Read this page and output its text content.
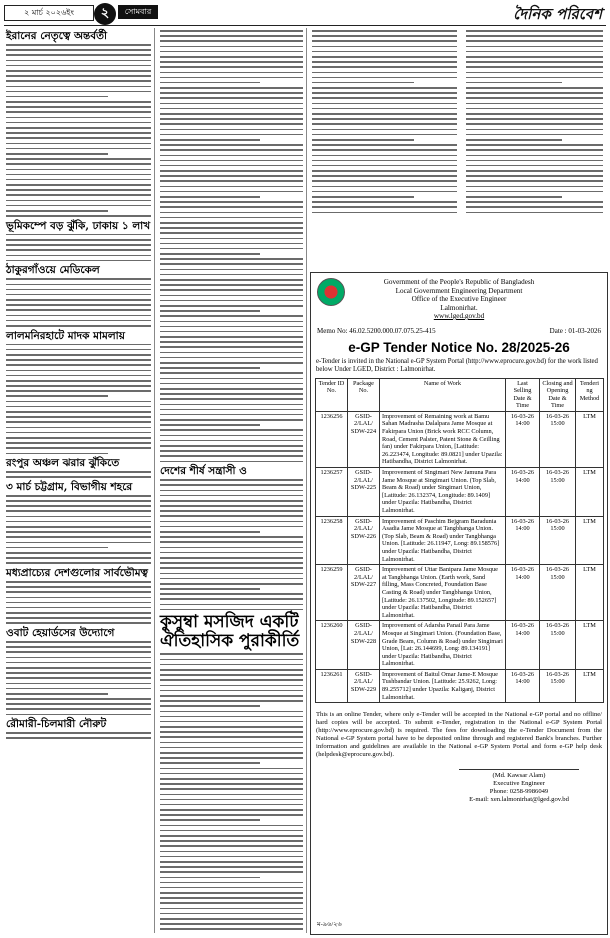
২ মার্চ ২০২৬ইং	২	সোমবার	দৈনিক পরিবেশ
ইরানের নেতৃত্বে অন্তর্বর্তী
ভূমিকম্পে বড় ঝুঁকি, ঢাকায় ১ লাখ
ঠাকুরগাঁওয়ে মেডিকেল
লালমনিরহাটে মাদক মামলায়
রংপুর অঞ্চল ঝরার ঝুঁকিতে
৩ মার্চ চট্টগ্রাম, বিভাগীয় শহরে
মধ্যপ্রাচ্যের দেশগুলোর সার্বভৌমত্ব
ওবাট হেয়ার্ডসের উদ্যোগে
রৌমারী-চিলমারী নৌরুট
দেশের শীর্ষ সন্ত্রাসী ও
কুসুম্বা মসজিদ একটি ঐতিহাসিক পুরাকীর্তি
Government of the People's Republic of Bangladesh
Local Government Engineering Department
Office of the Executive Engineer
Lalmonirhat.
www.lged.gov.bd
Memo No: 46.02.5200.000.07.075.25-415	Date : 01-03-2026
e-GP Tender Notice No. 28/2025-26
e-Tender is invited in the National e-GP System Portal (http://www.eprocure.gov.bd) for the work listed below Under LGED, District : Lalmonirhat.
Tender ID No.	Package No.	Name of Work	Last Selling Date & Time	Closing and Opening Date & Time	Tenderi ng Method
1236256	GSID-2/LAL/ SDW-224	Improvement of Remaining work at Bamu Sahan Madrasha Dalalpara Jame Mosque at Fakirpara Union (Brick work RCC Column, Road, Cement Palster, Patent Stone & Ceilling fan) under Fakirpara Union, [Latitude: 26.223474, Longitude: 89.0821] under Upazila: Hatibandha, District Lalmonirhat.	16-03-26 14:00	16-03-26 15:00	LTM
1236257	GSID-2/LAL/ SDW-225	Improvement of Singimari New Jamuna Para Jame Mosque at Singimari Union. (Top Slab, Beam & Road) under Singimari Union, [Latitude: 26.132374, Longitude: 89.1409] under Upazila: Hatibandha, District Lalmonirhat.	16-03-26 14:00	16-03-26 15:00	LTM
1236258	GSID-2/LAL/ SDW-226	Improvement of Paschim Bejgram Baradunia Asadia Jame Mosque at Tangbhanga Union. (Top Slab, Beam & Road) under Tangbhanga Union. [Latitude: 26.11947, Long: 89.158576] under Upazila: Hatibandha, District Lalmonirhat.	16-03-26 14:00	16-03-26 15:00	LTM
1236259	GSID-2/LAL/ SDW-227	Improvement of Uttar Banipara Jame Mosque at Tangbhanga Union. (Earth work, Sand filling, Mass Concreted, Foundation Base Casting & Road) under Tangbhanga Union, [Latitude: 26.137502, Longitude: 89.152657] under Upazila: Hatibandha, District Lalmonirhat.	16-03-26 14:00	16-03-26 15:00	LTM
1236260	GSID-2/LAL/ SDW-228	Improvement of Adarsha Panail Para Jame Mosque at Singimari Union. (Foundation Base, Grade Beam, Column & Road) under Singimari Union, [Lat: 26.144699, Long: 89.134191] under Upazila: Hatibandha, District Lalmonirhat.	16-03-26 14:00	16-03-26 15:00	LTM
1236261	GSID-2/LAL/ SDW-229	Improvement of Baitul Omar Jame-E Mosque Tushbandar Union. [Latitude: 25.9262, Long: 89.255712] under Upazila: Kaliganj, District Lalmonirhat.	16-03-26 14:00	16-03-26 15:00	LTM
This is an online Tender, where only e-Tender will be accepted in the National e-GP portal and no offline/ hard copies will be accepted. To submit e-Tender, registration in the National e-GP System Portal (http://www.eprocure.gov.bd) is required. The fees for downloading the e-Tender Document from the National e-GP System portal have to be deposited online through and registered Bank's branches. Further information and guidelines are available in the National e-GP System Portal and form e-GP help desk (helpdesk@eprocure.gov.bd).
(Md. Kawsar Alam)
Executive Engineer
Phone: 0258-9986049
E-mail: xen.lalmonirhat@lged.gov.bd
ম-৯৬/২৬
